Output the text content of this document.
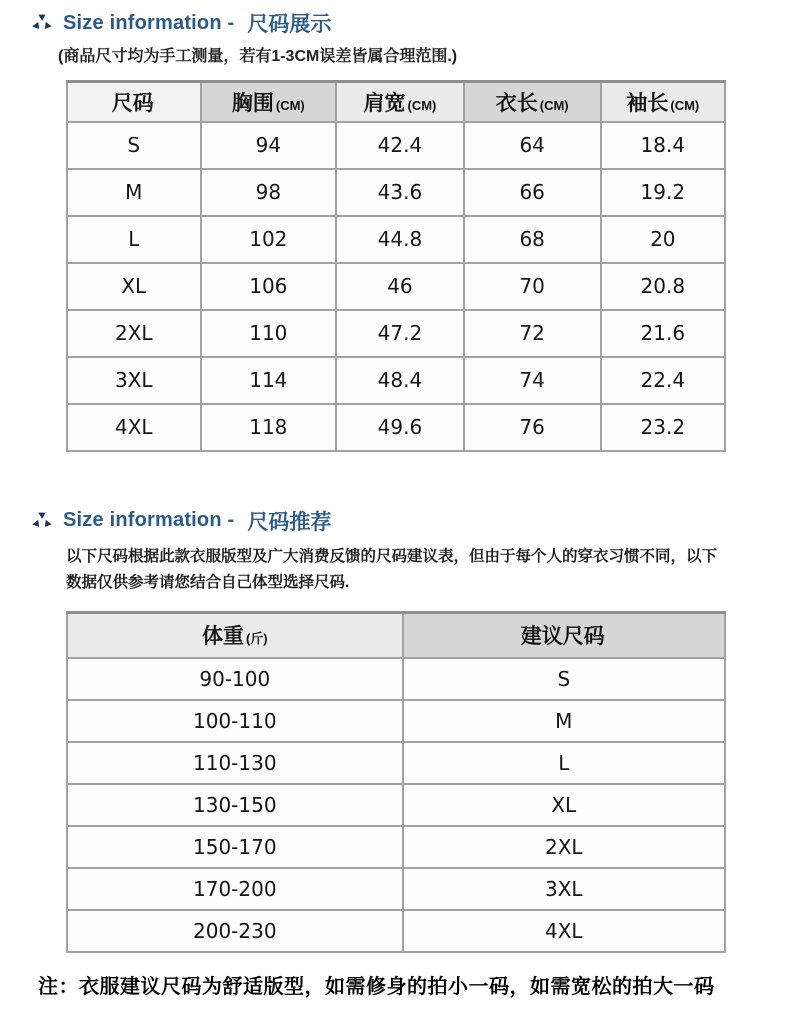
Size information - 尺码展示

(商品尺寸均为手工测量，若有1-3CM误差皆属合理范围.)

尺码	胸围 (CM)	肩宽 (CM)	衣长 (CM)	袖长 (CM)
S	94	42.4	64	18.4
M	98	43.6	66	19.2
L	102	44.8	68	20
XL	106	46	70	20.8
2XL	110	47.2	72	21.6
3XL	114	48.4	74	22.4
4XL	118	49.6	76	23.2
Size information - 尺码推荐

以下尺码根据此款衣服版型及广大消费反馈的尺码建议表，但由于每个人的穿衣习惯不同，以下数据仅供参考请您结合自己体型选择尺码.

体重 (斤)	建议尺码
90-100	S
100-110	M
110-130	L
130-150	XL
150-170	2XL
170-200	3XL
200-230	4XL

注：衣服建议尺码为舒适版型，如需修身的拍小一码，如需宽松的拍大一码
